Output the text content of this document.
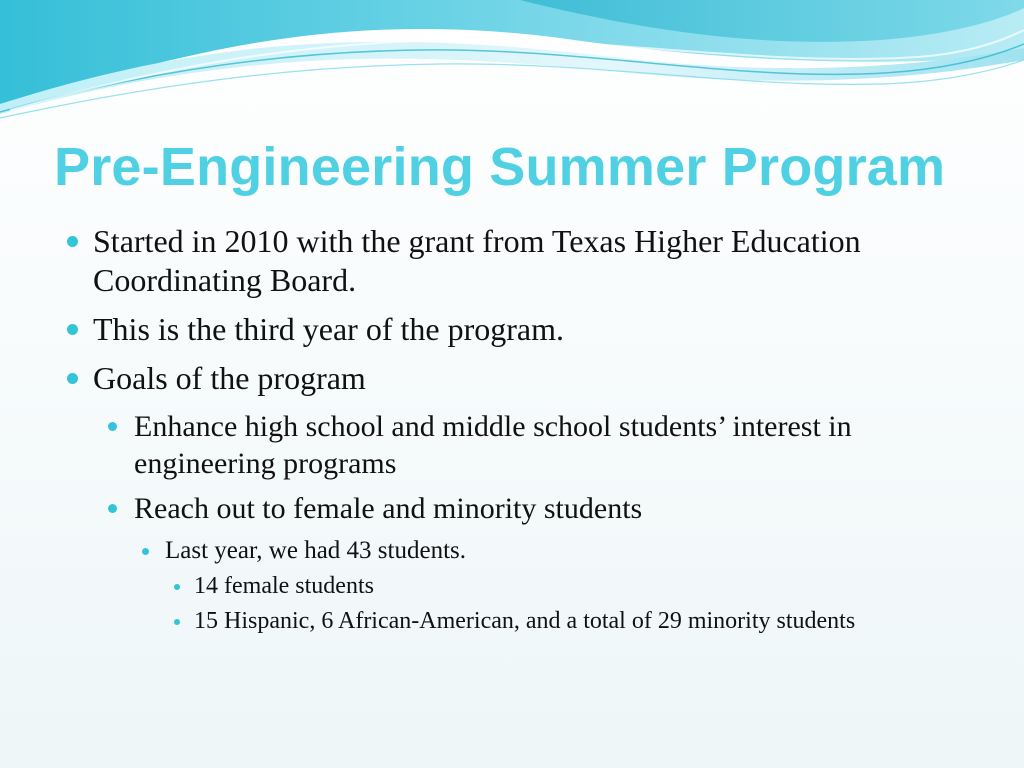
Pre-Engineering Summer Program

Started in 2010 with the grant from Texas Higher Education Coordinating Board.

This is the third year of the program.

Goals of the program

Enhance high school and middle school students’ interest in engineering programs

Reach out to female and minority students

Last year, we had 43 students.

14 female students

15 Hispanic, 6 African-American, and a total of 29 minority students
